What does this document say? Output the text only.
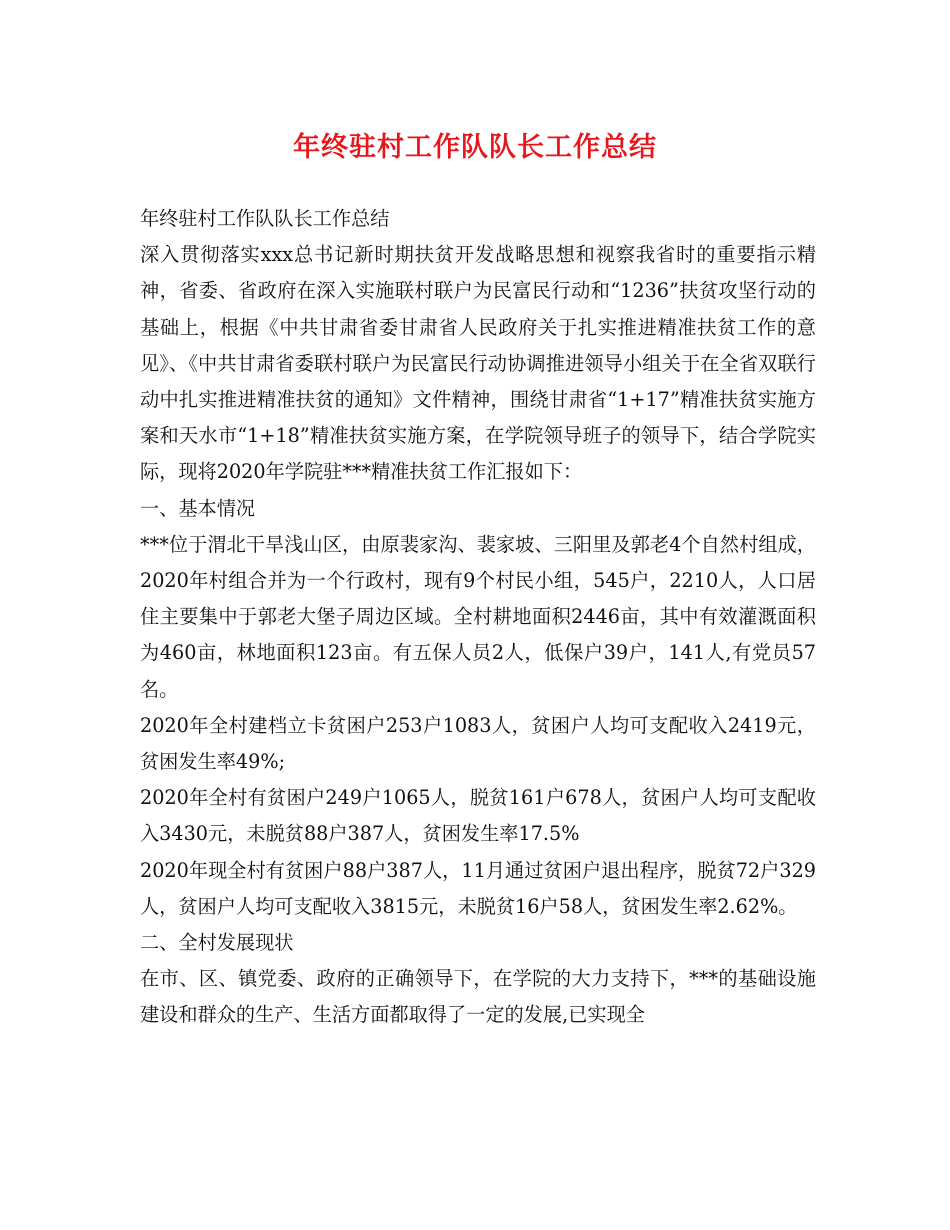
年终驻村工作队队长工作总结

年终驻村工作队队长工作总结

深入贯彻落实xxx总书记新时期扶贫开发战略思想和视察我省时的重要指示精神，省委、省政府在深入实施联村联户为民富民行动和“1236”扶贫攻坚行动的基础上，根据《中共甘肃省委甘肃省人民政府关于扎实推进精准扶贫工作的意见》、《中共甘肃省委联村联户为民富民行动协调推进领导小组关于在全省双联行动中扎实推进精准扶贫的通知》文件精神，围绕甘肃省“1+17”精准扶贫实施方案和天水市“1+18”精准扶贫实施方案，在学院领导班子的领导下，结合学院实际，现将2020年学院驻***精准扶贫工作汇报如下：

一、基本情况

***位于渭北干旱浅山区，由原裴家沟、裴家坡、三阳里及郭老4个自然村组成， 2020年村组合并为一个行政村，现有9个村民小组，545户，2210人，人口居住主要集中于郭老大堡子周边区域。全村耕地面积2446亩，其中有效灌溉面积为460亩，林地面积123亩。有五保人员2人，低保户39户，141人,有党员57名。

2020年全村建档立卡贫困户253户1083人，贫困户人均可支配收入2419元，贫困发生率49%;

2020年全村有贫困户249户1065人，脱贫161户678人，贫困户人均可支配收入3430元，未脱贫88户387人，贫困发生率17.5%

2020年现全村有贫困户88户387人，11月通过贫困户退出程序，脱贫72户329人，贫困户人均可支配收入3815元，未脱贫16户58人，贫困发生率2.62%。

二、全村发展现状

在市、区、镇党委、政府的正确领导下，在学院的大力支持下，***的基础设施建设和群众的生产、生活方面都取得了一定的发展,已实现全
